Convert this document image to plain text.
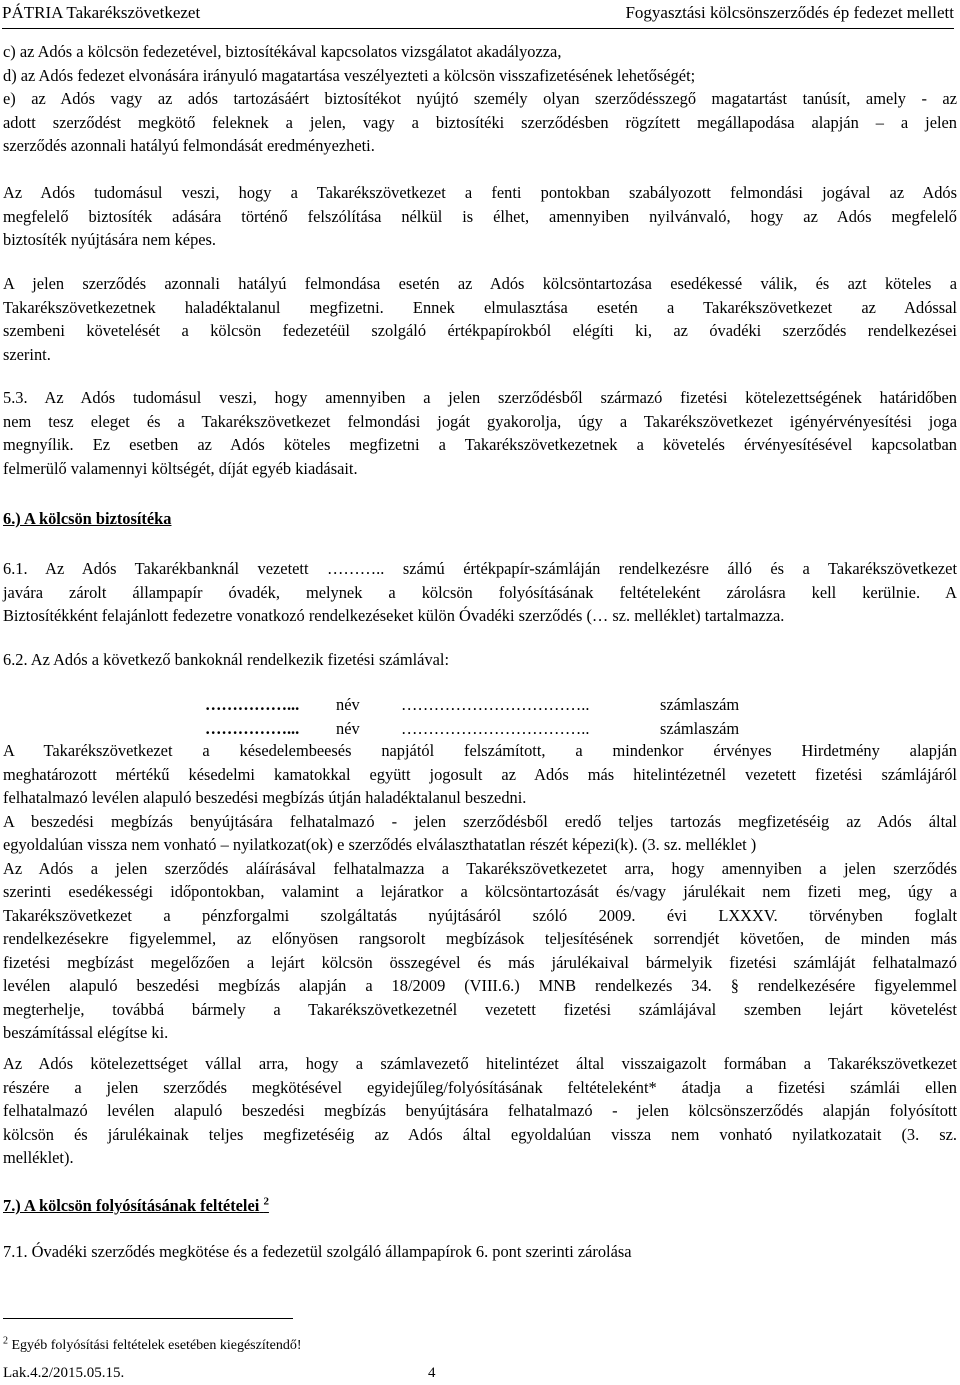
PÁTRIA Takarékszövetkezet	Fogyasztási kölcsönszerződés ép fedezet mellett

c) az Adós a kölcsön fedezetével, biztosítékával kapcsolatos vizsgálatot akadályozza,

d) az Adós fedezet elvonására irányuló magatartása veszélyezteti a kölcsön visszafizetésének lehetőségét;

e) az Adós vagy az adós tartozásáért biztosítékot nyújtó személy olyan szerződésszegő magatartást tanúsít, amely - az

adott szerződést megkötő feleknek a jelen, vagy a biztosítéki szerződésben rögzített megállapodása alapján – a jelen

szerződés azonnali hatályú felmondását eredményezheti.

Az Adós tudomásul veszi, hogy a Takarékszövetkezet a fenti pontokban szabályozott felmondási jogával az Adós

megfelelő biztosíték adására történő felszólítása nélkül is élhet, amennyiben nyilvánvaló, hogy az Adós megfelelő

biztosíték nyújtására nem képes.

A jelen szerződés azonnali hatályú felmondása esetén az Adós kölcsöntartozása esedékessé válik, és azt köteles a

Takarékszövetkezetnek haladéktalanul megfizetni. Ennek elmulasztása esetén a Takarékszövetkezet az Adóssal

szembeni követelését a kölcsön fedezetéül szolgáló értékpapírokból elégíti ki, az óvadéki szerződés rendelkezései

szerint.

5.3. Az Adós tudomásul veszi, hogy amennyiben a jelen szerződésből származó fizetési kötelezettségének határidőben

nem tesz eleget és a Takarékszövetkezet felmondási jogát gyakorolja, úgy a Takarékszövetkezet igényérvényesítési joga

megnyílik. Ez esetben az Adós köteles megfizetni a Takarékszövetkezetnek a követelés érvényesítésével kapcsolatban

felmerülő valamennyi költségét, díját egyéb kiadásait.

6.) A kölcsön biztosítéka

6.1. Az Adós Takarékbanknál vezetett ……….. számú értékpapír-számláján rendelkezésre álló és a Takarékszövetkezet

javára zárolt állampapír óvadék, melynek a kölcsön folyósításának feltételeként zárolásra kell kerülnie. A

Biztosítékként felajánlott fedezetre vonatkozó rendelkezéseket külön Óvadéki szerződés (… sz. melléklet) tartalmazza.

6.2. Az Adós a következő bankoknál rendelkezik fizetési számlával:

……………... név	……………………………..	számlaszám
……………... név	……………………………..	számlaszám

A Takarékszövetkezet a késedelembeesés napjától felszámított, a mindenkor érvényes Hirdetmény alapján

meghatározott mértékű késedelmi kamatokkal együtt jogosult az Adós más hitelintézetnél vezetett fizetési számlájáról

felhatalmazó levélen alapuló beszedési megbízás útján haladéktalanul beszedni.

A beszedési megbízás benyújtására felhatalmazó - jelen szerződésből eredő teljes tartozás megfizetéséig az Adós által

egyoldalúan vissza nem vonható – nyilatkozat(ok) e szerződés elválaszthatatlan részét képezi(k). (3. sz. melléklet )

Az Adós a jelen szerződés aláírásával felhatalmazza a Takarékszövetkezetet arra, hogy amennyiben a jelen szerződés

szerinti esedékességi időpontokban, valamint a lejáratkor a kölcsöntartozását és/vagy járulékait nem fizeti meg, úgy a

Takarékszövetkezet a pénzforgalmi szolgáltatás nyújtásáról szóló 2009. évi LXXXV. törvényben foglalt

rendelkezésekre figyelemmel, az előnyösen rangsorolt megbízások teljesítésének sorrendjét követően, de minden más

fizetési megbízást megelőzően a lejárt kölcsön összegével és más járulékaival bármelyik fizetési számláját felhatalmazó

levélen alapuló beszedési megbízás alapján a 18/2009 (VIII.6.) MNB rendelkezés 34. § rendelkezésére figyelemmel

megterhelje, továbbá bármely a Takarékszövetkezetnél vezetett fizetési számlájával szemben lejárt követelést

beszámítással elégítse ki.

Az Adós kötelezettséget vállal arra, hogy a számlavezető hitelintézet által visszaigazolt formában a Takarékszövetkezet

részére a jelen szerződés megkötésével egyidejűleg/folyósításának feltételeként* átadja a fizetési számlái ellen

felhatalmazó levélen alapuló beszedési megbízás benyújtására felhatalmazó - jelen kölcsönszerződés alapján folyósított

kölcsön és járulékainak teljes megfizetéséig az Adós által egyoldalúan vissza nem vonható nyilatkozatait (3. sz.

melléklet).

7.) A kölcsön folyósításának feltételei $^2$

7.1. Óvadéki szerződés megkötése és a fedezetül szolgáló állampapírok 6. pont szerinti zárolása

$^2$ Egyéb folyósítási feltételek esetében kiegészítendő!
Lak.4.2/2015.05.15.	4
